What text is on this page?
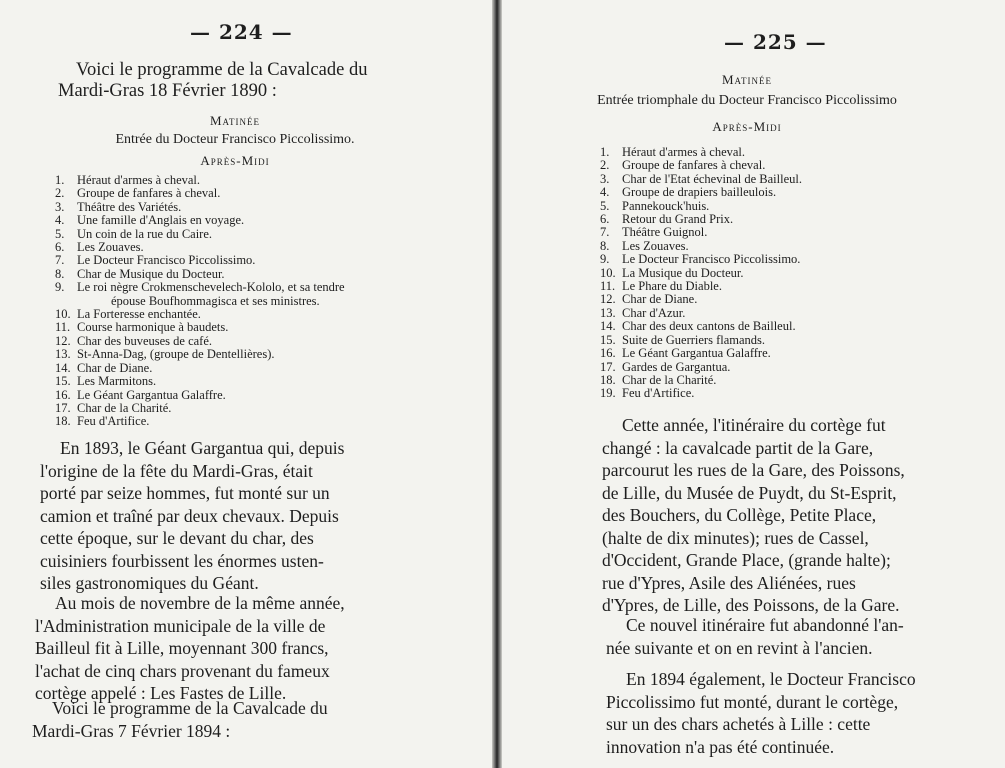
— 224 —
Voici le programme de la Cavalcade du
Mardi-Gras 18 Février 1890 :
Matinée
Entrée du Docteur Francisco Piccolissimo.
Après-Midi
1.	Héraut d'armes à cheval.
2.	Groupe de fanfares à cheval.
3.	Théâtre des Variétés.
4.	Une famille d'Anglais en voyage.
5.	Un coin de la rue du Caire.
6.	Les Zouaves.
7.	Le Docteur Francisco Piccolissimo.
8.	Char de Musique du Docteur.
9.	Le roi nègre Crokmenschevelech-Kololo, et sa tendre
épouse Boufhommagisca et ses ministres.
10. La Forteresse enchantée.
11. Course harmonique à baudets.
12. Char des buveuses de café.
13. St-Anna-Dag, (groupe de Dentellières).
14. Char de Diane.
15. Les Marmitons.
16. Le Géant Gargantua Galaffre.
17. Char de la Charité.
18. Feu d'Artifice.
En 1893, le Géant Gargantua qui, depuis
l'origine de la fête du Mardi-Gras, était
porté par seize hommes, fut monté sur un
camion et traîné par deux chevaux. Depuis
cette époque, sur le devant du char, des
cuisiniers fourbissent les énormes usten-
siles gastronomiques du Géant.
Au mois de novembre de la même année,
l'Administration municipale de la ville de
Bailleul fit à Lille, moyennant 300 francs,
l'achat de cinq chars provenant du fameux
cortège appelé : Les Fastes de Lille.
Voici le programme de la Cavalcade du
Mardi-Gras 7 Février 1894 :
— 225 —
Matinée
Entrée triomphale du Docteur Francisco Piccolissimo
Après-Midi
1.	Héraut d'armes à cheval.
2.	Groupe de fanfares à cheval.
3.	Char de l'Etat échevinal de Bailleul.
4.	Groupe de drapiers bailleulois.
5.	Pannekouck'huis.
6.	Retour du Grand Prix.
7.	Théâtre Guignol.
8.	Les Zouaves.
9.	Le Docteur Francisco Piccolissimo.
10. La Musique du Docteur.
11. Le Phare du Diable.
12. Char de Diane.
13. Char d'Azur.
14. Char des deux cantons de Bailleul.
15. Suite de Guerriers flamands.
16. Le Géant Gargantua Galaffre.
17. Gardes de Gargantua.
18. Char de la Charité.
19. Feu d'Artifice.
Cette année, l'itinéraire du cortège fut
changé : la cavalcade partit de la Gare,
parcourut les rues de la Gare, des Poissons,
de Lille, du Musée de Puydt, du St-Esprit,
des Bouchers, du Collège, Petite Place,
(halte de dix minutes); rues de Cassel,
d'Occident, Grande Place, (grande halte);
rue d'Ypres, Asile des Aliénées, rues
d'Ypres, de Lille, des Poissons, de la Gare.
Ce nouvel itinéraire fut abandonné l'an-
née suivante et on en revint à l'ancien.
En 1894 également, le Docteur Francisco
Piccolissimo fut monté, durant le cortège,
sur un des chars achetés à Lille : cette
innovation n'a pas été continuée.
